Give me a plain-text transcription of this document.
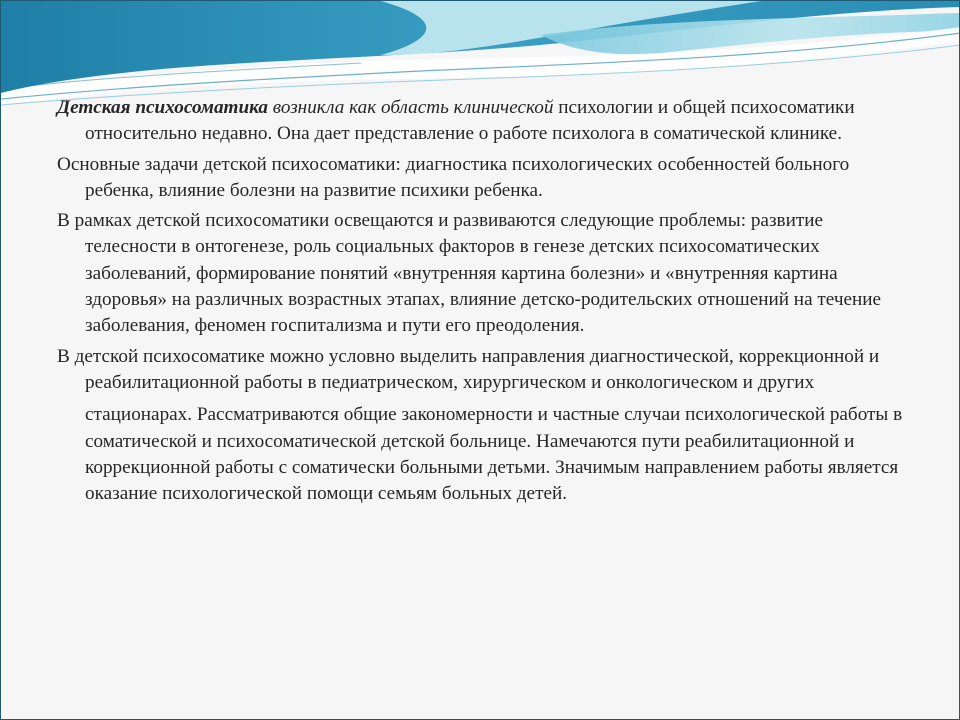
Детская психосоматика возникла как область клинической психологии и общей психосоматики относительно недавно. Она дает представление о работе психолога в соматической клинике.

Основные задачи детской психосоматики: диагностика психологических особенностей больного ребенка, влияние болезни на развитие психики ребенка.

В рамках детской психосоматики освещаются и развиваются следующие проблемы: развитие телесности в онтогенезе, роль социальных факторов в генезе детских психосоматических заболеваний, формирование понятий «внутренняя картина болезни» и «внутренняя картина здоровья» на различных возрастных этапах, влияние детско-родительских отношений на течение заболевания, феномен госпитализма и пути его преодоления.

В детской психосоматике можно условно выделить направления диагностической, коррекционной и реабилитационной работы в педиатрическом, хирургическом и онкологическом и других

стационарах. Рассматриваются общие закономерности и частные случаи психологической работы в соматической и психосоматической детской больнице. Намечаются пути реабилитационной и коррекционной работы с соматически больными детьми. Значимым направлением работы является оказание психологической помощи семьям больных детей.
